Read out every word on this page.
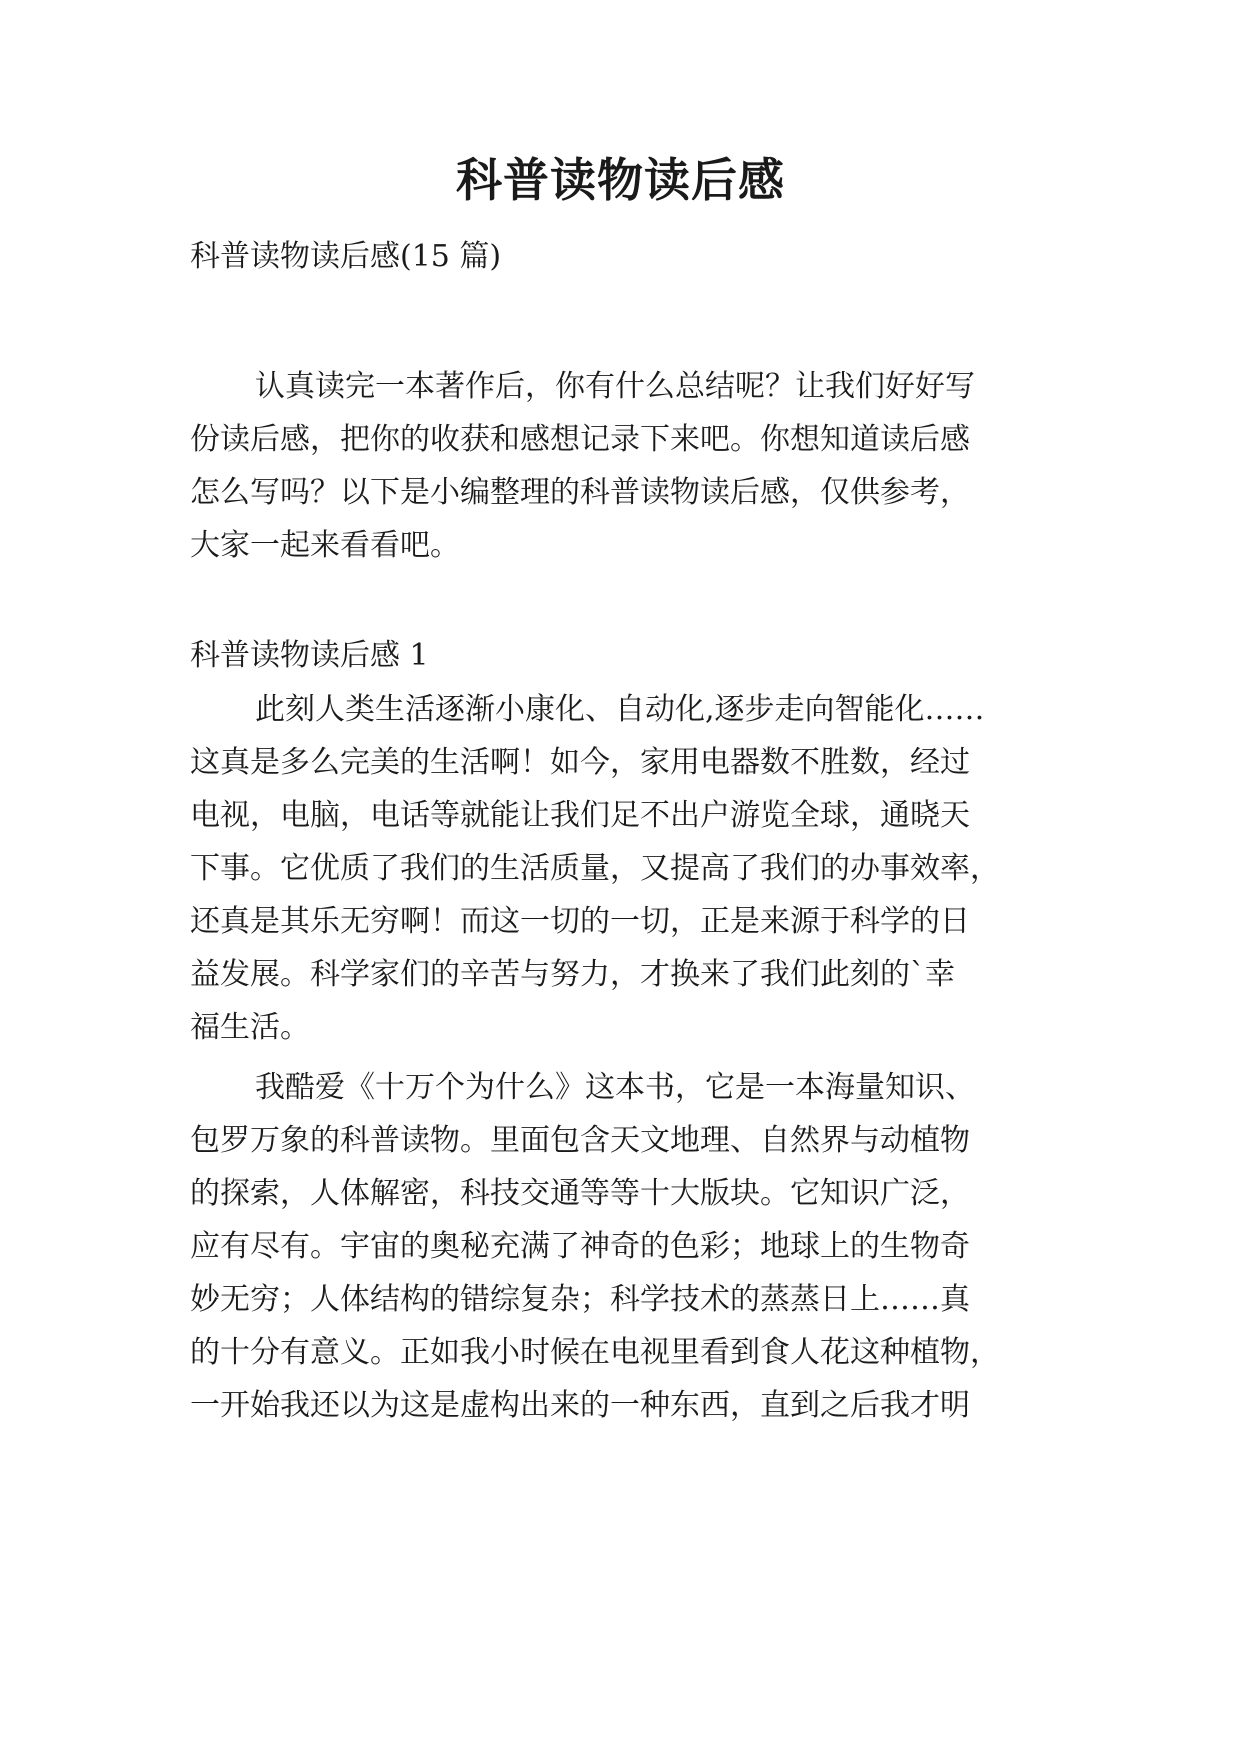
科普读物读后感

科普读物读后感(15 篇)

认真读完一本著作后，你有什么总结呢？让我们好好写

份读后感，把你的收获和感想记录下来吧。你想知道读后感

怎么写吗？以下是小编整理的科普读物读后感，仅供参考，

大家一起来看看吧。

科普读物读后感 1

此刻人类生活逐渐小康化、自动化,逐步走向智能化……

这真是多么完美的生活啊！如今，家用电器数不胜数，经过

电视，电脑，电话等就能让我们足不出户游览全球，通晓天

下事。它优质了我们的生活质量，又提高了我们的办事效率，

还真是其乐无穷啊！而这一切的一切，正是来源于科学的日

益发展。科学家们的辛苦与努力，才换来了我们此刻的`幸

福生活。

我酷爱《十万个为什么》这本书，它是一本海量知识、

包罗万象的科普读物。里面包含天文地理、自然界与动植物

的探索，人体解密，科技交通等等十大版块。它知识广泛，

应有尽有。宇宙的奥秘充满了神奇的色彩；地球上的生物奇

妙无穷；人体结构的错综复杂；科学技术的蒸蒸日上……真

的十分有意义。正如我小时候在电视里看到食人花这种植物，

一开始我还以为这是虚构出来的一种东西，直到之后我才明
